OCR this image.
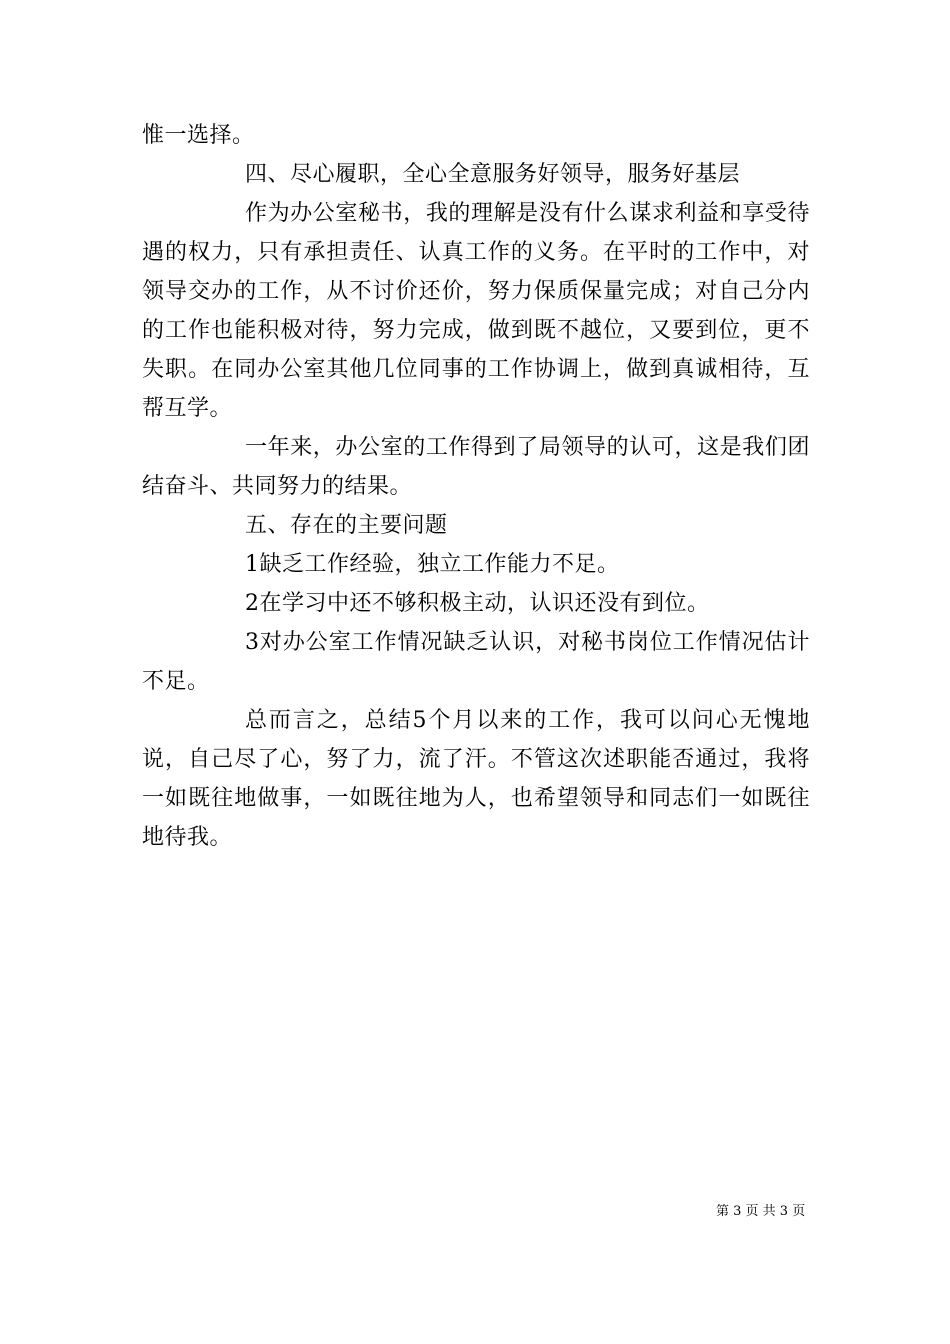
惟一选择。

四、尽心履职，全心全意服务好领导，服务好基层

作为办公室秘书，我的理解是没有什么谋求利益和享受待遇的权力，只有承担责任、认真工作的义务。在平时的工作中，对领导交办的工作，从不讨价还价，努力保质保量完成；对自己分内的工作也能积极对待，努力完成，做到既不越位，又要到位，更不失职。在同办公室其他几位同事的工作协调上，做到真诚相待，互帮互学。

一年来，办公室的工作得到了局领导的认可，这是我们团结奋斗、共同努力的结果。

五、存在的主要问题

1缺乏工作经验，独立工作能力不足。

2在学习中还不够积极主动，认识还没有到位。

3对办公室工作情况缺乏认识，对秘书岗位工作情况估计不足。

总而言之，总结5个月以来的工作，我可以问心无愧地说，自己尽了心，努了力，流了汗。不管这次述职能否通过，我将一如既往地做事，一如既往地为人，也希望领导和同志们一如既往地待我。

第 3 页 共 3 页
